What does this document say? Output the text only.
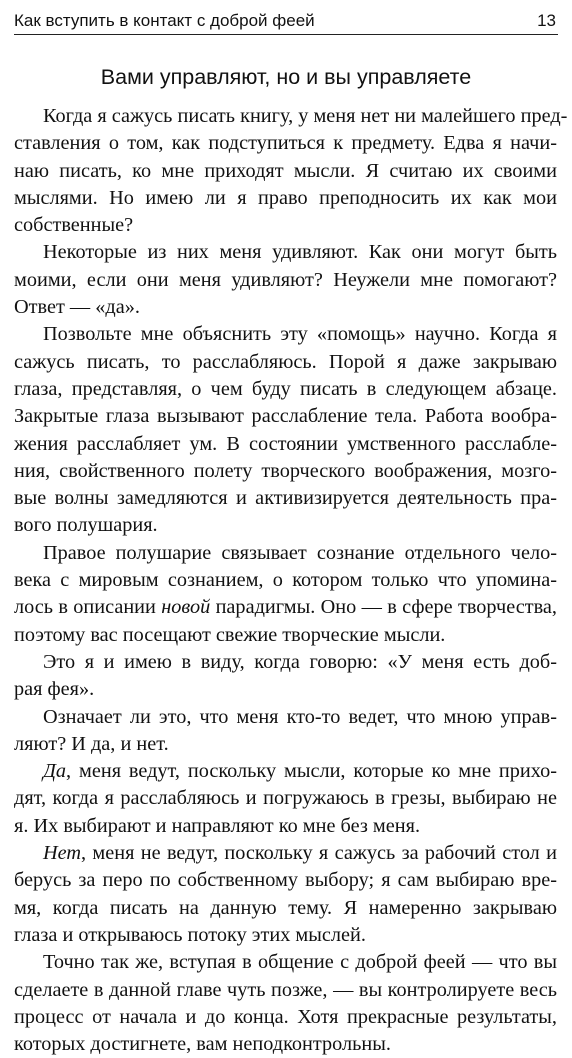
Как вступить в контакт с доброй феей	13
Вами управляют, но и вы управляете
Когда я сажусь писать книгу, у меня нет ни малейшего пред-
ставления о том, как подступиться к предмету. Едва я начи-
наю писать, ко мне приходят мысли. Я считаю их своими
мыслями. Но имею ли я право преподносить их как мои
собственные?
Некоторые из них меня удивляют. Как они могут быть
моими, если они меня удивляют? Неужели мне помогают?
Ответ — «да».
Позвольте мне объяснить эту «помощь» научно. Когда я
сажусь писать, то расслабляюсь. Порой я даже закрываю
глаза, представляя, о чем буду писать в следующем абзаце.
Закрытые глаза вызывают расслабление тела. Работа вообра-
жения расслабляет ум. В состоянии умственного расслабле-
ния, свойственного полету творческого воображения, мозго-
вые волны замедляются и активизируется деятельность пра-
вого полушария.
Правое полушарие связывает сознание отдельного чело-
века с мировым сознанием, о котором только что упомина-
лось в описании новой парадигмы. Оно — в сфере творчества,
поэтому вас посещают свежие творческие мысли.
Это я и имею в виду, когда говорю: «У меня есть доб-
рая фея».
Означает ли это, что меня кто-то ведет, что мною управ-
ляют? И да, и нет.
Да, меня ведут, поскольку мысли, которые ко мне прихо-
дят, когда я расслабляюсь и погружаюсь в грезы, выбираю не
я. Их выбирают и направляют ко мне без меня.
Нет, меня не ведут, поскольку я сажусь за рабочий стол и
берусь за перо по собственному выбору; я сам выбираю вре-
мя, когда писать на данную тему. Я намеренно закрываю
глаза и открываюсь потоку этих мыслей.
Точно так же, вступая в общение с доброй феей — что вы
сделаете в данной главе чуть позже, — вы контролируете весь
процесс от начала и до конца. Хотя прекрасные результаты,
которых достигнете, вам неподконтрольны.
